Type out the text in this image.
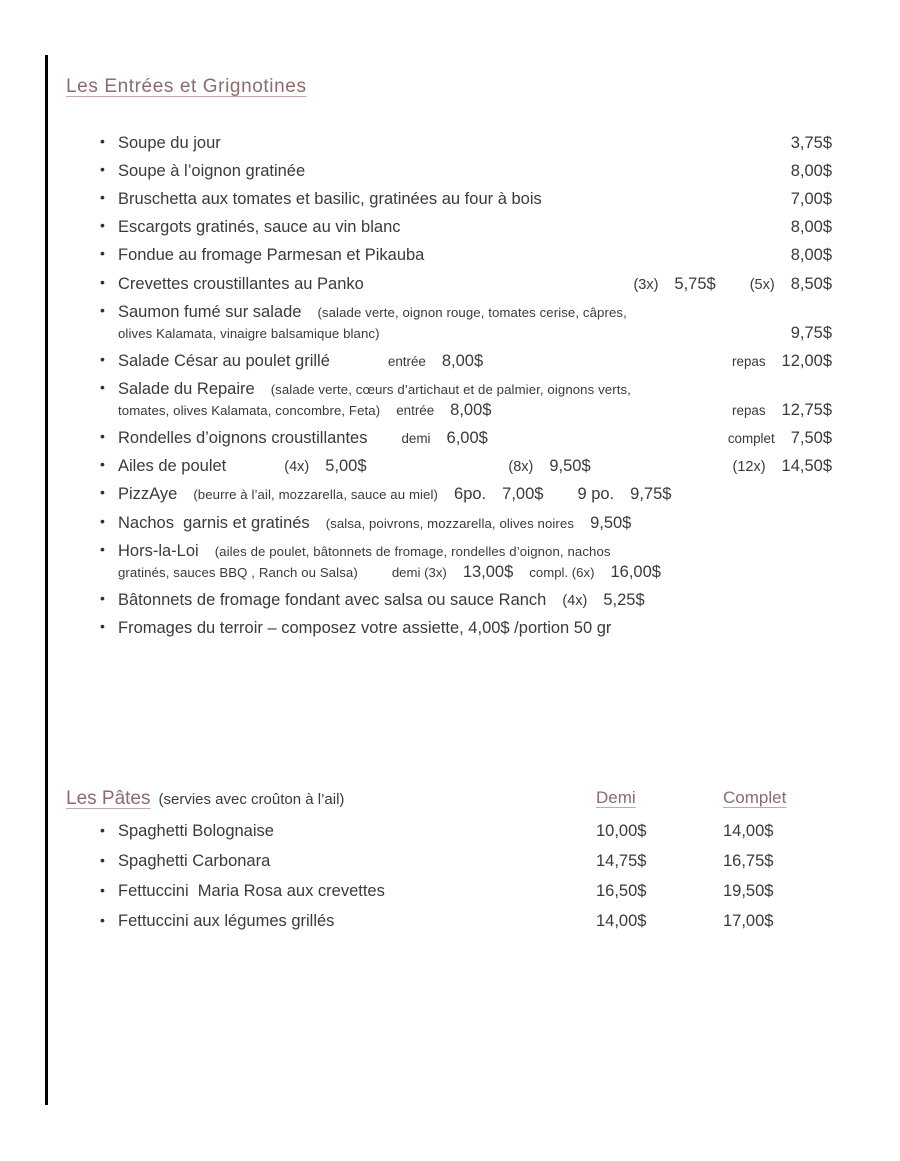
Les Entrées et Grignotines
• Soupe du jour	3,75$
• Soupe à l’oignon gratinée	8,00$
• Bruschetta aux tomates et basilic, gratinées au four à bois	7,00$
• Escargots gratinés, sauce au vin blanc	8,00$
• Fondue au fromage Parmesan et Pikauba	8,00$
• Crevettes croustillantes au Panko	(3x) 5,75$ (5x) 8,50$
• Saumon fumé sur salade (salade verte, oignon rouge, tomates cerise, câpres,
olives Kalamata, vinaigre balsamique blanc)	9,75$
• Salade César au poulet grillé	entrée 8,00$	repas 12,00$
• Salade du Repaire (salade verte, cœurs d’artichaut et de palmier, oignons verts,
tomates, olives Kalamata, concombre, Feta) entrée 8,00$	repas 12,75$
• Rondelles d’oignons croustillantes	demi 6,00$	complet 7,50$
• Ailes de poulet	(4x) 5,00$	(8x) 9,50$	(12x) 14,50$
• PizzAye (beurre à l’ail, mozzarella, sauce au miel) 6po. 7,00$ 9 po. 9,75$
• Nachos  garnis et gratinés (salsa, poivrons, mozzarella, olives noires 9,50$
• Hors-la-Loi (ailes de poulet, bâtonnets de fromage, rondelles d’oignon, nachos
gratinés, sauces BBQ , Ranch ou Salsa)	demi (3x) 13,00$ compl. (6x) 16,00$
• Bâtonnets de fromage fondant avec salsa ou sauce Ranch (4x) 5,25$
• Fromages du terroir – composez votre assiette, 4,00$ /portion 50 gr
Les Pâtes (servies avec croûton à l’ail)	Demi	Complet
• Spaghetti Bolognaise	10,00$	14,00$
• Spaghetti Carbonara	14,75$	16,75$
• Fettuccini  Maria Rosa aux crevettes	16,50$	19,50$
• Fettuccini aux légumes grillés	14,00$	17,00$
